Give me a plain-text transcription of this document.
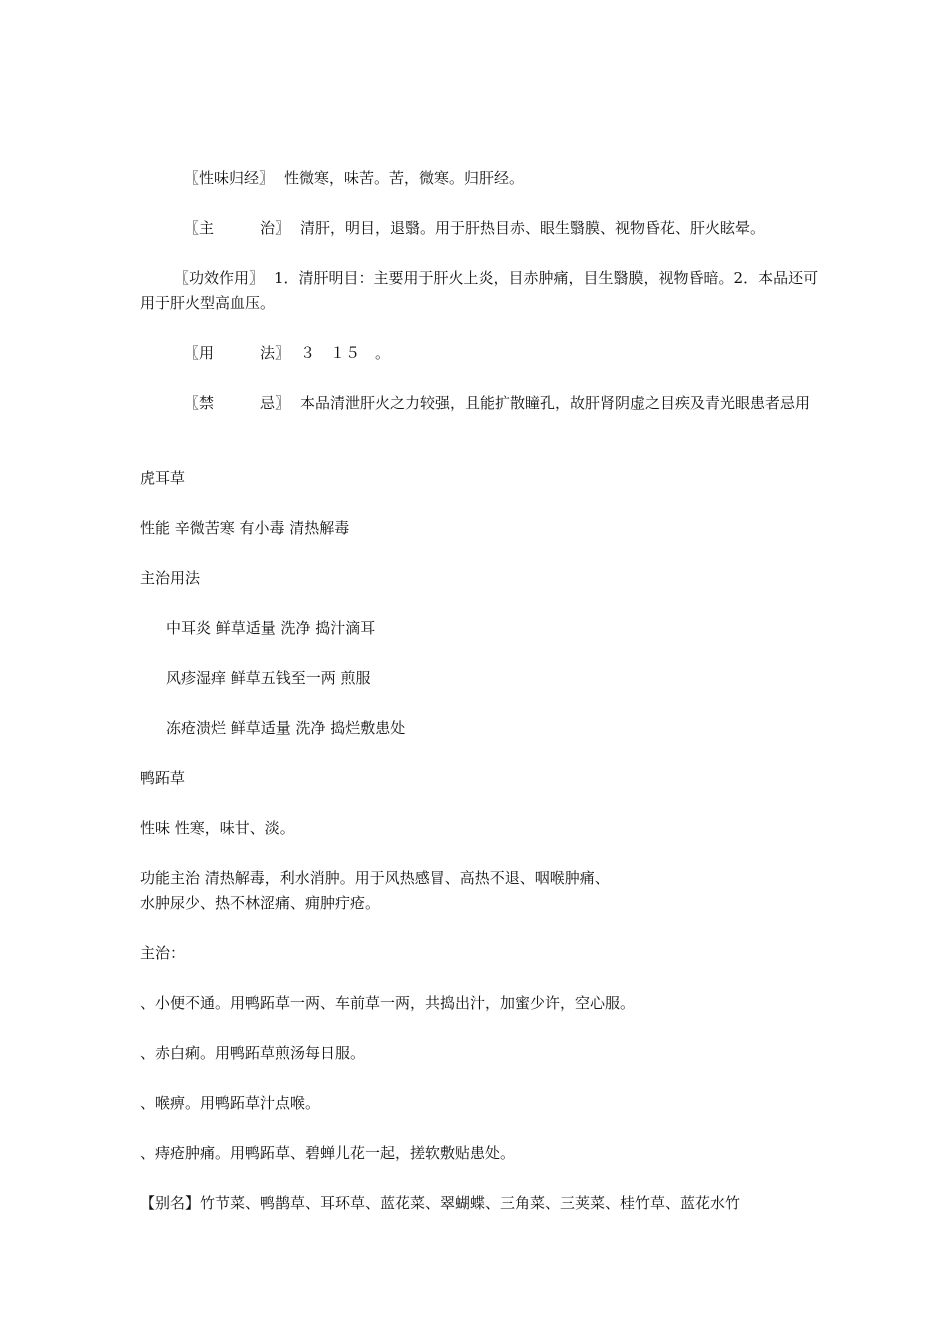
〖性味归经〗 性微寒，味苦。苦，微寒。归肝经。
〖主	治〗 清肝，明目，退翳。用于肝热目赤、眼生翳膜、视物昏花、肝火眩晕。
〖功效作用〗 1．清肝明目：主要用于肝火上炎，目赤肿痛，目生翳膜，视物昏暗。2．本品还可用于肝火型高血压。
〖用	法〗 ３　１５　。
〖禁	忌〗 本品清泄肝火之力较强，且能扩散瞳孔，故肝肾阴虚之目疾及青光眼患者忌用
虎耳草
性能 辛微苦寒 有小毒 清热解毒
主治用法
中耳炎 鲜草适量 洗净 捣汁滴耳
风疹湿痒 鲜草五钱至一两 煎服
冻疮溃烂 鲜草适量 洗净 捣烂敷患处
鸭跖草
性味 性寒，味甘、淡。
功能主治 清热解毒，利水消肿。用于风热感冒、高热不退、咽喉肿痛、
水肿尿少、热不林涩痛、痈肿疔疮。
主治：
、小便不通。用鸭跖草一两、车前草一两，共捣出汁，加蜜少许，空心服。
、赤白痢。用鸭跖草煎汤每日服。
、喉痹。用鸭跖草汁点喉。
、痔疮肿痛。用鸭跖草、碧蝉儿花一起，搓软敷贴患处。
【别名】竹节菜、鸭鹊草、耳环草、蓝花菜、翠蝴蝶、三角菜、三荚菜、桂竹草、蓝花水竹
